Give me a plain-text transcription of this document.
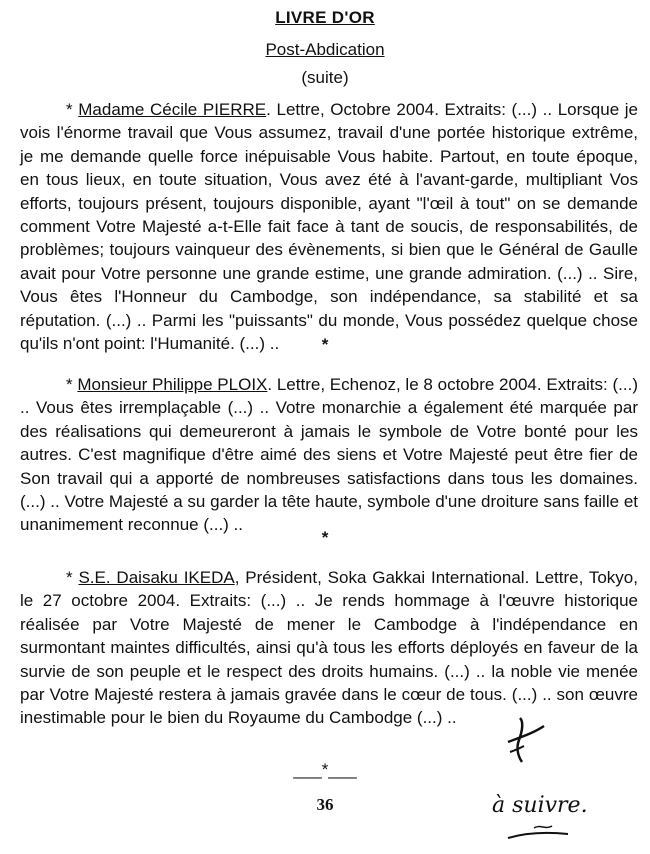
LIVRE D'OR
Post-Abdication
(suite)
* Madame Cécile PIERRE. Lettre, Octobre 2004. Extraits: (...) .. Lorsque je vois l'énorme travail que Vous assumez, travail d'une portée historique extrême, je me demande quelle force inépuisable Vous habite. Partout, en toute époque, en tous lieux, en toute situation, Vous avez été à l'avant-garde, multipliant Vos efforts, toujours présent, toujours disponible, ayant "l'œil à tout" on se demande comment Votre Majesté a-t-Elle fait face à tant de soucis, de responsabilités, de problèmes; toujours vainqueur des évènements, si bien que le Général de Gaulle avait pour Votre personne une grande estime, une grande admiration. (...) .. Sire, Vous êtes l'Honneur du Cambodge, son indépendance, sa stabilité et sa réputation. (...) .. Parmi les "puissants" du monde, Vous possédez quelque chose qu'ils n'ont point: l'Humanité. (...) ..	*
* Monsieur Philippe PLOIX. Lettre, Echenoz, le 8 octobre 2004. Extraits: (...) .. Vous êtes irremplaçable (...) .. Votre monarchie a également été marquée par des réalisations qui demeureront à jamais le symbole de Votre bonté pour les autres. C'est magnifique d'être aimé des siens et Votre Majesté peut être fier de Son travail qui a apporté de nombreuses satisfactions dans tous les domaines. (...) .. Votre Majesté a su garder la tête haute, symbole d'une droiture sans faille et unanimement reconnue (...) ..
*
* S.E. Daisaku IKEDA, Président, Soka Gakkai International. Lettre, Tokyo, le 27 octobre 2004. Extraits: (...) .. Je rends hommage à l'œuvre historique réalisée par Votre Majesté de mener le Cambodge à l'indépendance en surmontant maintes difficultés, ainsi qu'à tous les efforts déployés en faveur de la survie de son peuple et le respect des droits humains. (...) .. la noble vie menée par Votre Majesté restera à jamais gravée dans le cœur de tous. (...) .. son œuvre inestimable pour le bien du Royaume du Cambodge (...) ..
___*___
36	à suivre.
